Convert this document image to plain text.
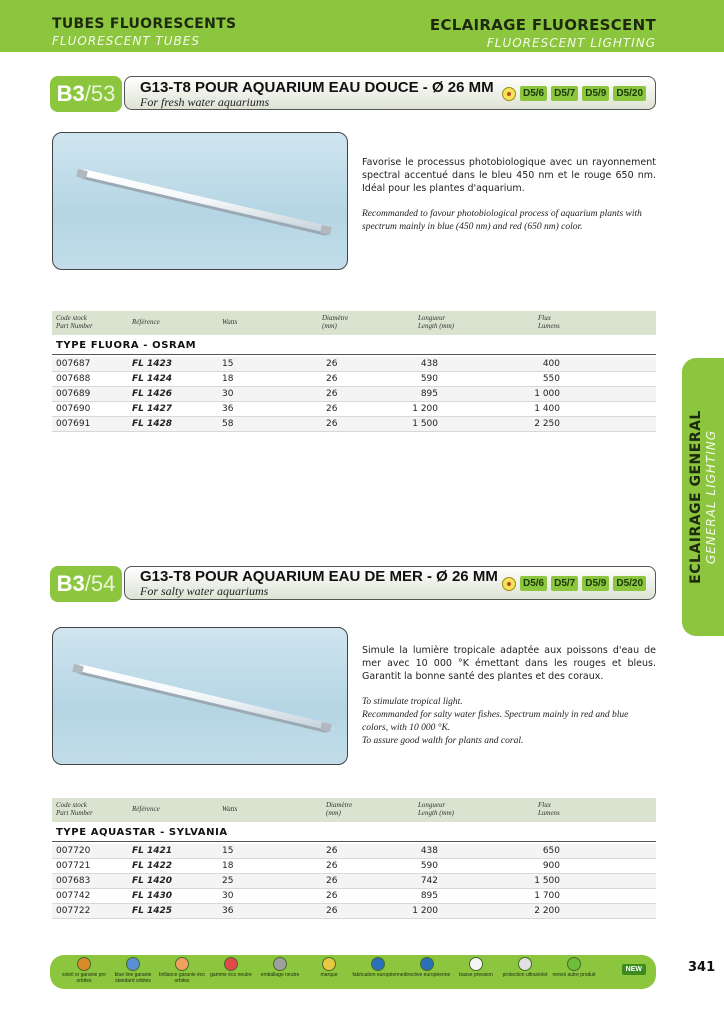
TUBES FLUORESCENTS
FLUORESCENT TUBES
ECLAIRAGE FLUORESCENT
FLUORESCENT LIGHTING
ECLAIRAGE GENERAL GENERAL LIGHTING
B3/53	G13-T8 POUR AQUARIUM EAU DOUCE - Ø 26 MM
For fresh water aquariums
D5/6	D5/7	D5/9	D5/20
Favorise le processus photobiologique avec un rayonnement spectral accentué dans le bleu 450 nm et le rouge 650 nm. Idéal pour les plantes d'aquarium.
Recommanded to favour photobiological process of aquarium plants with spectrum mainly in blue (450 nm) and red (650 nm) color.
Code stock
Part Number	Référence	Watts	Diamètre
(mm)
Longueur
Length (mm)
Flux
Lumens
TYPE FLUORA - OSRAM
007687	FL 1423	15	26	438	400
007688	FL 1424	18	26	590	550
007689	FL 1426	30	26	895	1 000
007690	FL 1427	36	26	1 200	1 400
007691	FL 1428	58	26	1 500	2 250
B3/54	G13-T8 POUR AQUARIUM EAU DE MER - Ø 26 MM
For salty water aquariums
D5/6	D5/7	D5/9	D5/20
Simule la lumière tropicale adaptée aux poissons d'eau de mer avec 10 000 °K émettant dans les rouges et bleus. Garantit la bonne santé des plantes et des coraux.
To stimulate tropical light.
Recommanded for salty water fishes. Spectrum mainly in red and blue colors, with 10 000 °K.
To assure good walth for plants and coral.
Code stock
Part Number	Référence	Watts	Diamètre
(mm)
Longueur
Length (mm)
Flux
Lumens
TYPE AQUASTAR - SYLVANIA
007720	FL 1421	15	26	438	650
007721	FL 1422	18	26	590	900
007683	FL 1420	25	26	742	1 500
007742	FL 1430	30	26	895	1 700
007722	FL 1425	36	26	1 200	2 200
soleil or garanie pro orbites
blue line garanie standard orbites
brillance garanie éco orbites
gamme éco neutre	emballage neutre	marque	fabrication européenne directive européenne	basse pression	protection ultraviolet	renvoi autre produit
NEW	341
